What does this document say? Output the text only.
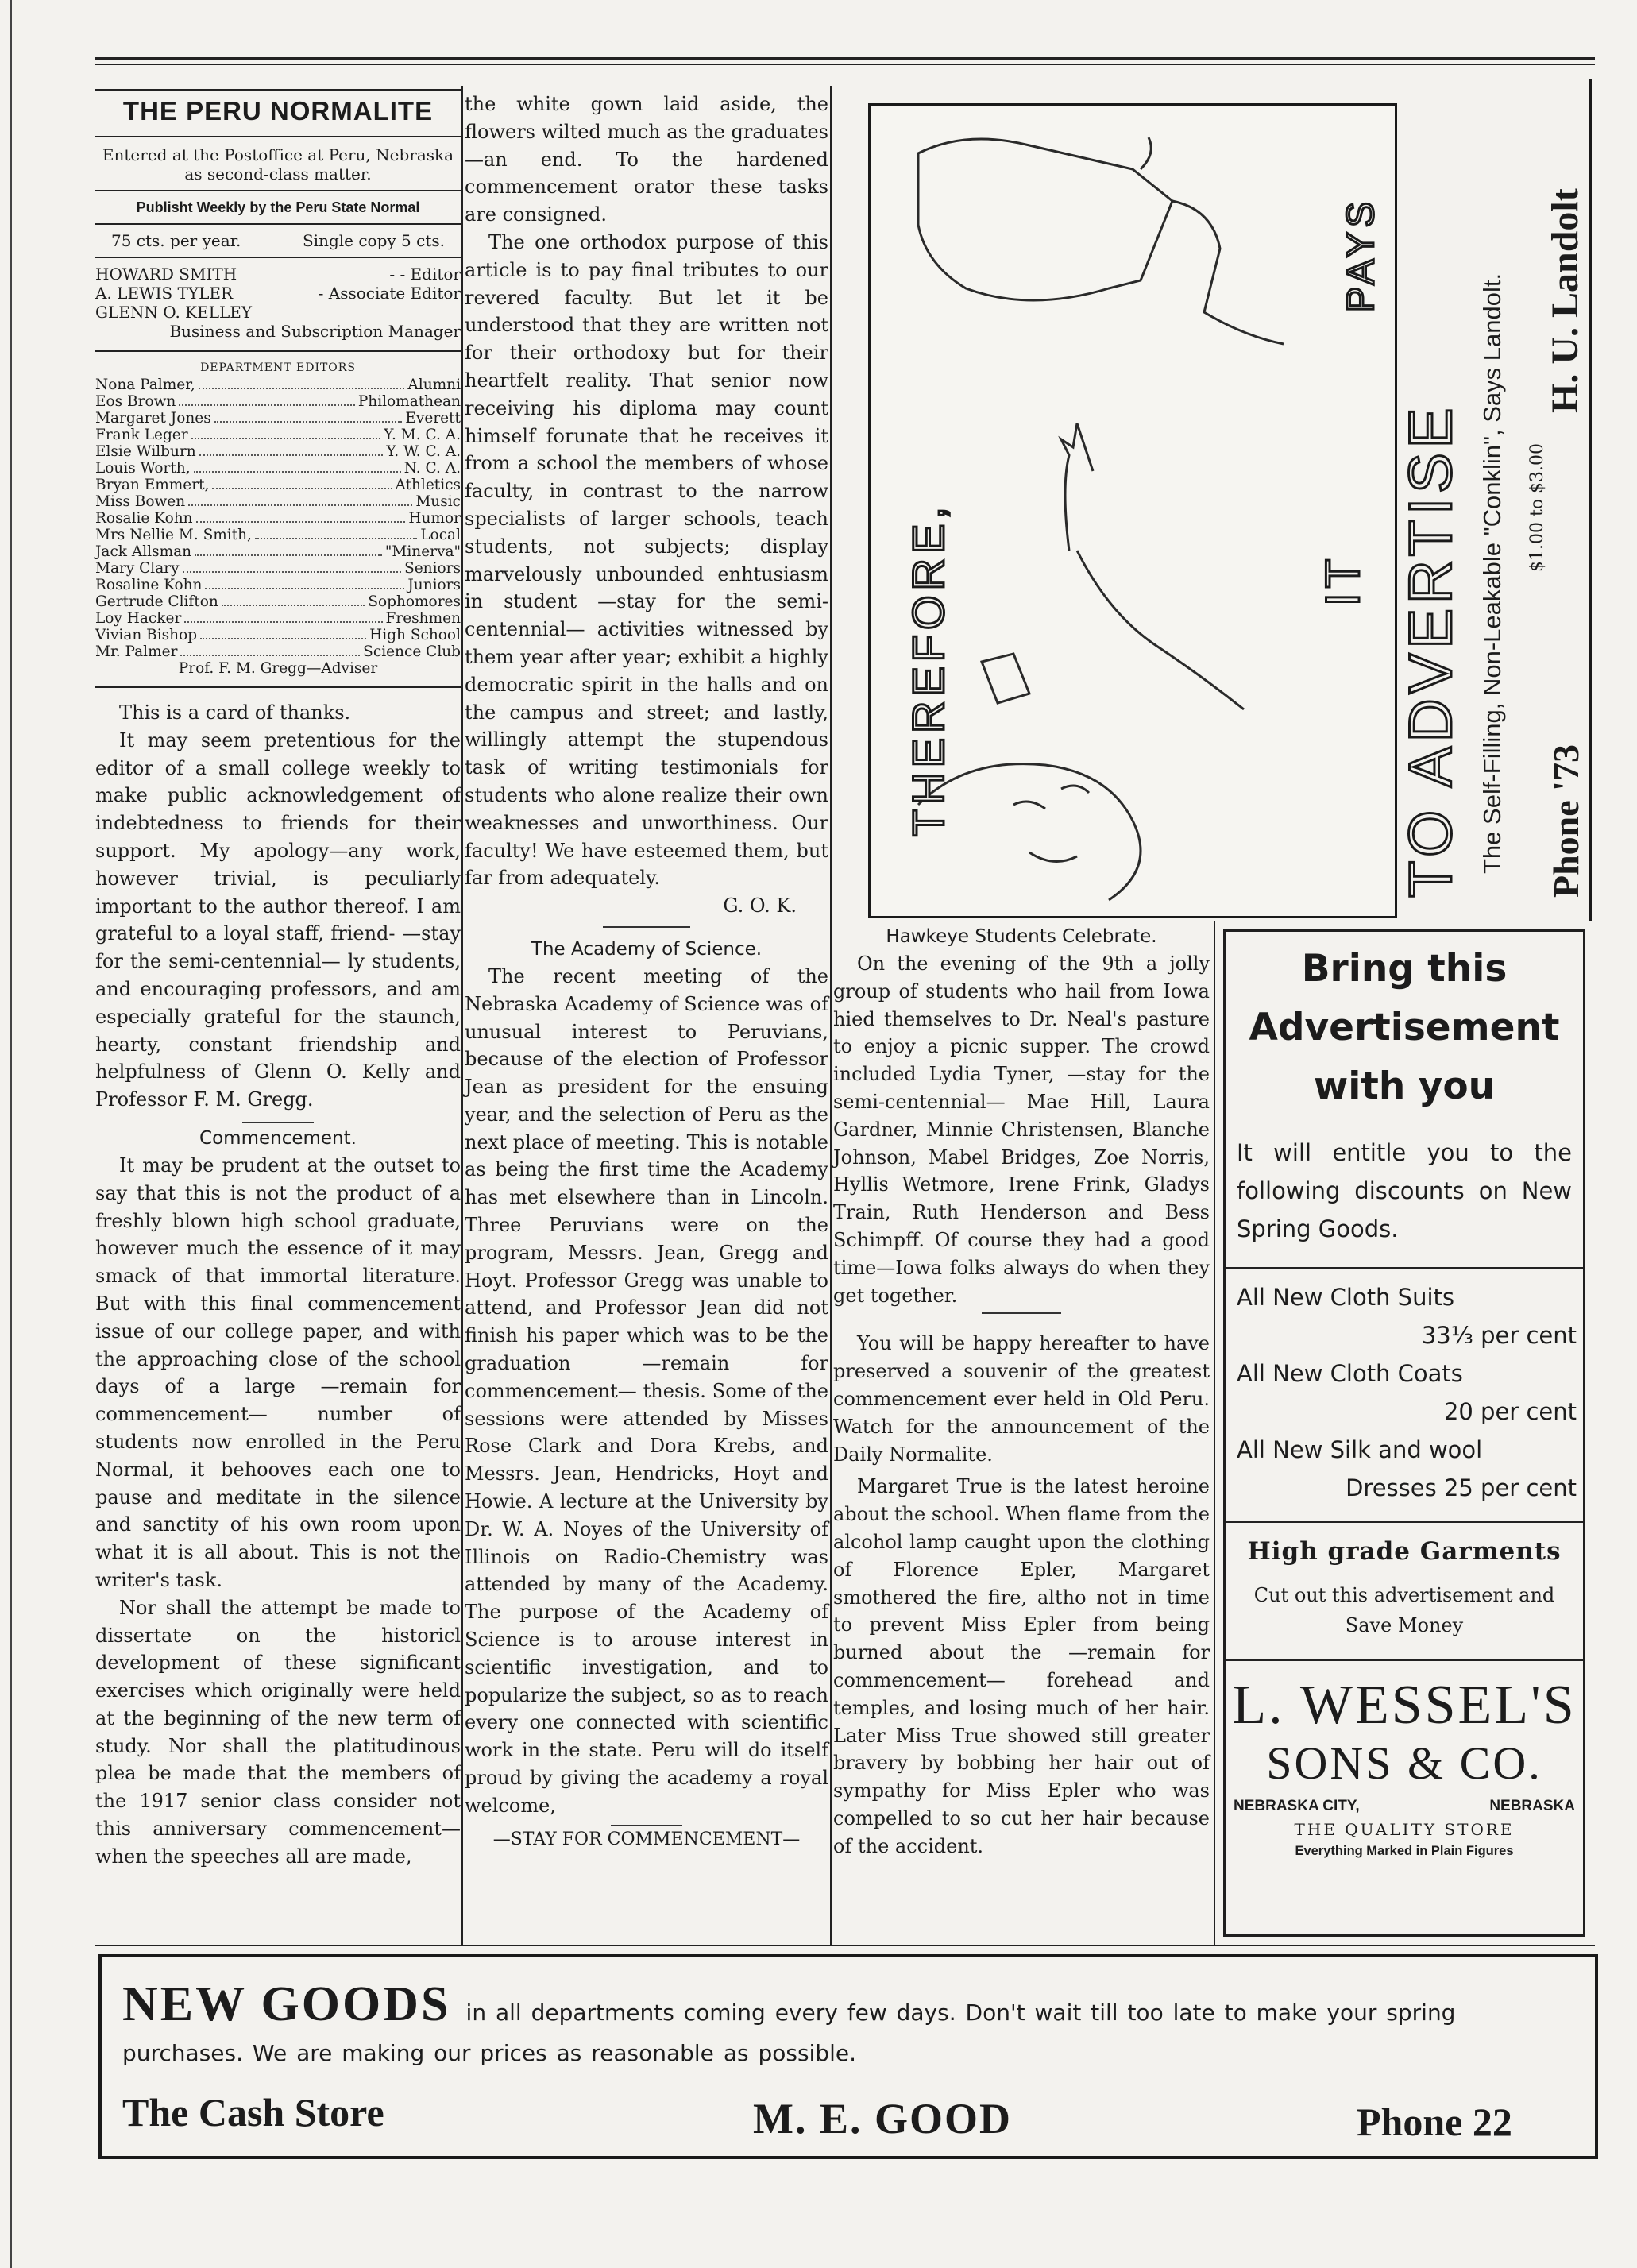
THE PERU NORMALITE
Entered at the Postoffice at Peru, Nebraska as second-class matter.
Publisht Weekly by the Peru State Normal
75 cts. per year.	Single copy 5 cts.
HOWARD SMITH	- - Editor
A. LEWIS TYLER	- Associate Editor
GLENN O. KELLEY
Business and Subscription Manager
DEPARTMENT EDITORS
Nona Palmer,	Alumni
Eos Brown	Philomathean
Margaret Jones	Everett
Frank Leger	Y. M. C. A.
Elsie Wilburn	Y. W. C. A.
Louis Worth,	N. C. A.
Bryan Emmert,	Athletics
Miss Bowen	Music
Rosalie Kohn	Humor
Mrs Nellie M. Smith,	Local
Jack Allsman	"Minerva"
Mary Clary	Seniors
Rosaline Kohn	Juniors
Gertrude Clifton	Sophomores
Loy Hacker	Freshmen
Vivian Bishop	High School
Mr. Palmer	Science Club
Prof. F. M. Gregg—Adviser

This is a card of thanks.

It may seem pretentious for the editor of a small college weekly to make public acknowledgement of indebtedness to friends for their support. My apology—any work, however trivial, is peculiarly important to the author thereof. I am grateful to a loyal staff, friend- —stay for the semi-centennial— ly students, and encouraging professors, and am especially grateful for the staunch, hearty, constant friendship and helpfulness of Glenn O. Kelly and Professor F. M. Gregg.

Commencement.

It may be prudent at the outset to say that this is not the product of a freshly blown high school graduate, however much the essence of it may smack of that immortal literature. But with this final commencement issue of our college paper, and with the approaching close of the school days of a large —remain for commencement— number of students now enrolled in the Peru Normal, it behooves each one to pause and meditate in the silence and sanctity of his own room upon what it is all about. This is not the writer's task.

Nor shall the attempt be made to dissertate on the historicl development of these significant exercises which originally were held at the beginning of the new term of study. Nor shall the platitudinous plea be made that the members of the 1917 senior class consider not this anniversary commencement— when the speeches all are made,

the white gown laid aside, the flowers wilted much as the graduates—an end. To the hardened commencement orator these tasks are consigned.

The one orthodox purpose of this article is to pay final tributes to our revered faculty. But let it be understood that they are written not for their orthodoxy but for their heartfelt reality. That senior now receiving his diploma may count himself forunate that he receives it from a school the members of whose faculty, in contrast to the narrow specialists of larger schools, teach students, not subjects; display marvelously unbounded enhtusiasm in student —stay for the semi-centennial— activities witnessed by them year after year; exhibit a highly democratic spirit in the halls and on the campus and street; and lastly, willingly attempt the stupendous task of writing testimonials for students who alone realize their own weaknesses and unworthiness. Our faculty! We have esteemed them, but far from adequately.

G. O. K.
The Academy of Science.

The recent meeting of the Nebraska Academy of Science was of unusual interest to Peruvians, because of the election of Professor Jean as president for the ensuing year, and the selection of Peru as the next place of meeting. This is notable as being the first time the Academy has met elsewhere than in Lincoln. Three Peruvians were on the program, Messrs. Jean, Gregg and Hoyt. Professor Gregg was unable to attend, and Professor Jean did not finish his paper which was to be the graduation —remain for commencement— thesis. Some of the sessions were attended by Misses Rose Clark and Dora Krebs, and Messrs. Jean, Hendricks, Hoyt and Howie. A lecture at the University by Dr. W. A. Noyes of the University of Illinois on Radio-Chemistry was attended by many of the Academy. The purpose of the Academy of Science is to arouse interest in scientific investigation, and to popularize the subject, so as to reach every one connected with scientific work in the state. Peru will do itself proud by giving the academy a royal welcome,

—STAY FOR COMMENCEMENT—
THEREFORE,	IT
PAYS
TO ADVERTISE The Self-Filling, Non-Leakable "Conklin", Says Landolt. $1.00 to $3.00
Phone '73
H. U. Landolt
Hawkeye Students Celebrate.

On the evening of the 9th a jolly group of students who hail from Iowa hied themselves to Dr. Neal's pasture to enjoy a picnic supper. The crowd included Lydia Tyner, —stay for the semi-centennial— Mae Hill, Laura Gardner, Minnie Christensen, Blanche Johnson, Mabel Bridges, Zoe Norris, Hyllis Wetmore, Irene Frink, Gladys Train, Ruth Henderson and Bess Schimpff. Of course they had a good time—Iowa folks always do when they get together.

You will be happy hereafter to have preserved a souvenir of the greatest commencement ever held in Old Peru. Watch for the announcement of the Daily Normalite.

Margaret True is the latest heroine about the school. When flame from the alcohol lamp caught upon the clothing of Florence Epler, Margaret smothered the fire, altho not in time to prevent Miss Epler from being burned about the —remain for commencement— forehead and temples, and losing much of her hair. Later Miss True showed still greater bravery by bobbing her hair out of sympathy for Miss Epler who was compelled to so cut her hair because of the accident.

Bring this
Advertisement
with you
It will entitle you to the following discounts on New Spring Goods.
All New Cloth Suits
33⅓ per cent
All New Cloth Coats
20 per cent
All New Silk and wool
Dresses 25 per cent
High grade Garments
Cut out this advertisement and Save Money
L. WESSEL'S
SONS & CO.
NEBRASKA CITY,	NEBRASKA
THE QUALITY STORE
Everything Marked in Plain Figures
NEW GOODS in all departments coming every few days. Don't wait till too late to make your spring
purchases. We are making our prices as reasonable as possible.
The Cash Store	M. E. GOOD	Phone 22
